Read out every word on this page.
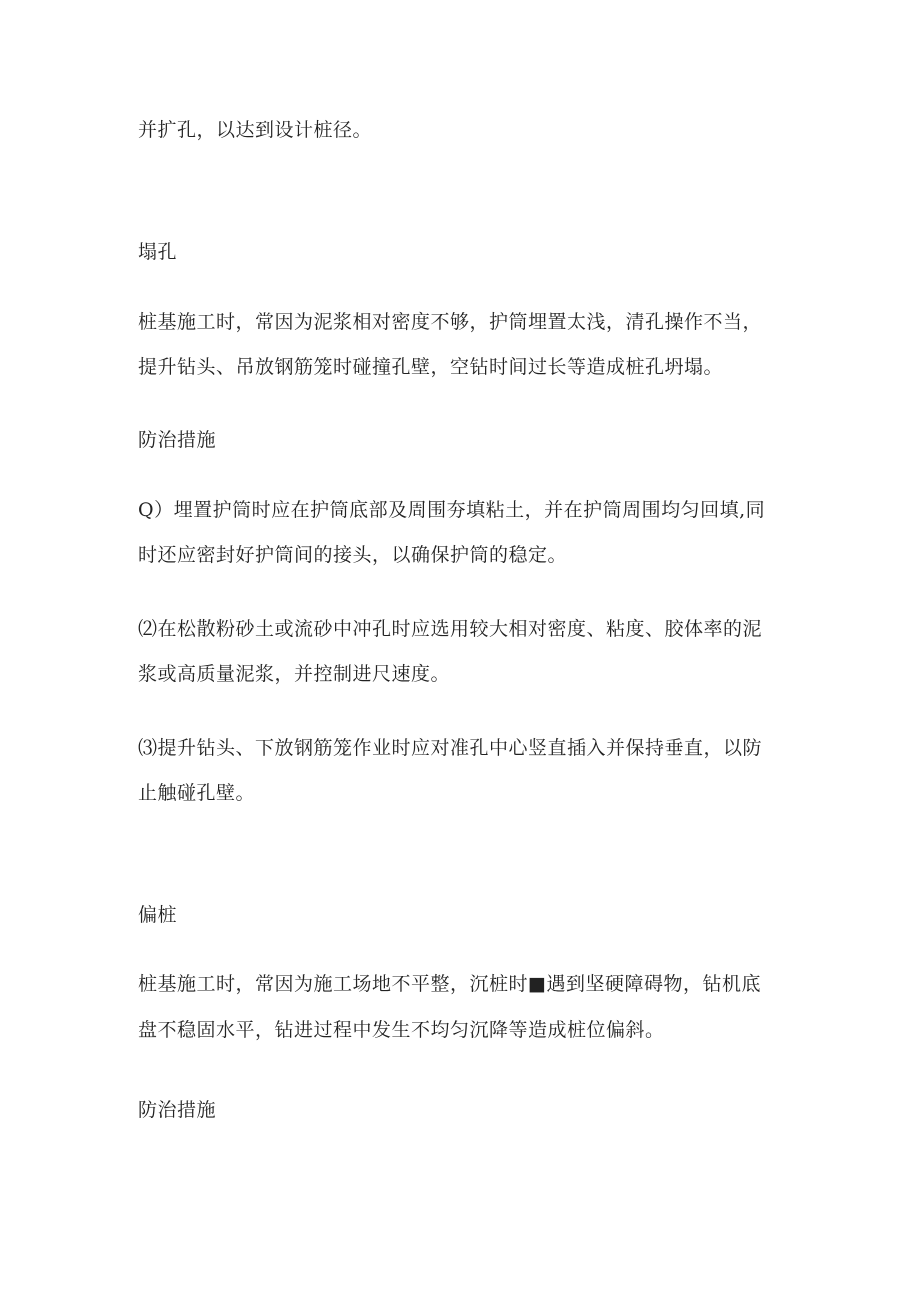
并扩孔，以达到设计桩径。
塌孔
桩基施工时，常因为泥浆相对密度不够，护筒埋置太浅，清孔操作不当，
提升钻头、吊放钢筋笼时碰撞孔壁，空钻时间过长等造成桩孔坍塌。
防治措施
Q）埋置护筒时应在护筒底部及周围夯填粘土，并在护筒周围均匀回填,同
时还应密封好护筒间的接头，以确保护筒的稳定。
⑵在松散粉砂土或流砂中冲孔时应选用较大相对密度、粘度、胶体率的泥
浆或高质量泥浆，并控制进尺速度。
⑶提升钻头、下放钢筋笼作业时应对准孔中心竖直插入并保持垂直，以防
止触碰孔壁。
偏桩
桩基施工时，常因为施工场地不平整，沉桩时■遇到坚硬障碍物，钻机底
盘不稳固水平，钻进过程中发生不均匀沉降等造成桩位偏斜。
防治措施
